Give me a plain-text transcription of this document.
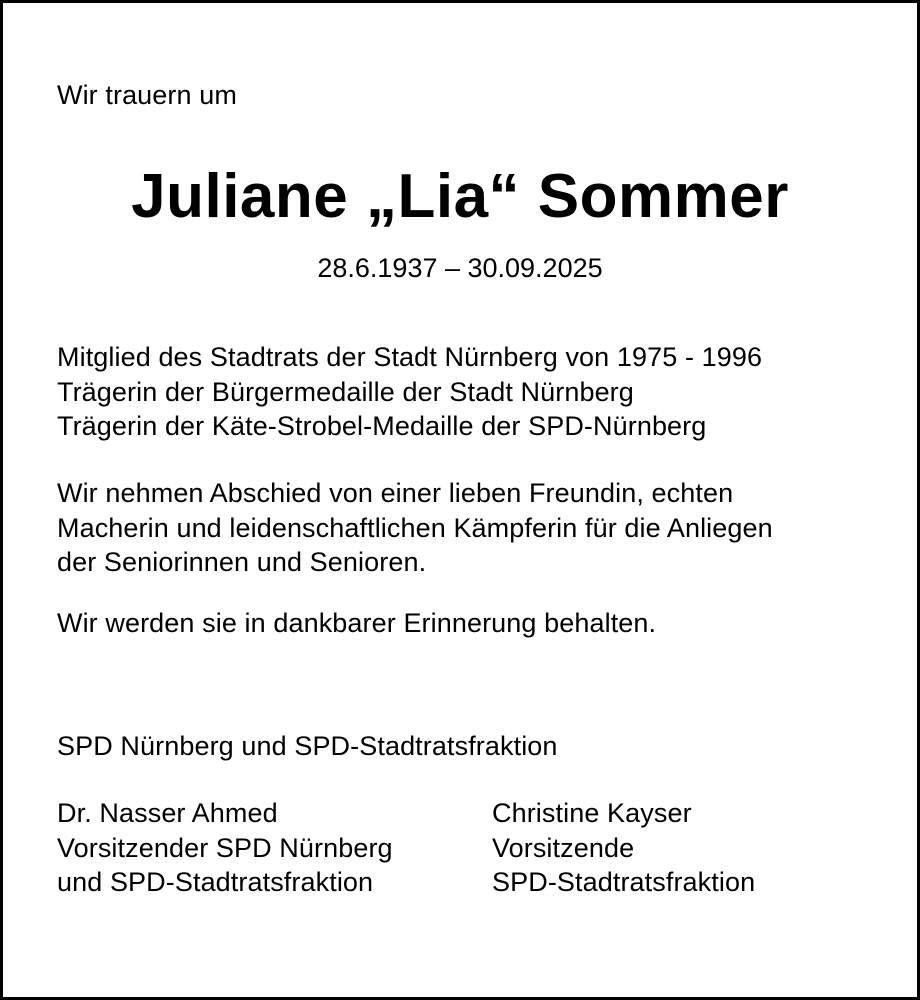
Wir trauern um
Juliane „Lia“ Sommer
28.6.1937 – 30.09.2025
Mitglied des Stadtrats der Stadt Nürnberg von 1975 - 1996
Trägerin der Bürgermedaille der Stadt Nürnberg
Trägerin der Käte-Strobel-Medaille der SPD-Nürnberg
Wir nehmen Abschied von einer lieben Freundin, echten
Macherin und leidenschaftlichen Kämpferin für die Anliegen
der Seniorinnen und Senioren.
Wir werden sie in dankbarer Erinnerung behalten.
SPD Nürnberg und SPD-Stadtratsfraktion
Dr. Nasser Ahmed
Vorsitzender SPD Nürnberg
und SPD-Stadtratsfraktion
Christine Kayser
Vorsitzende
SPD-Stadtratsfraktion
